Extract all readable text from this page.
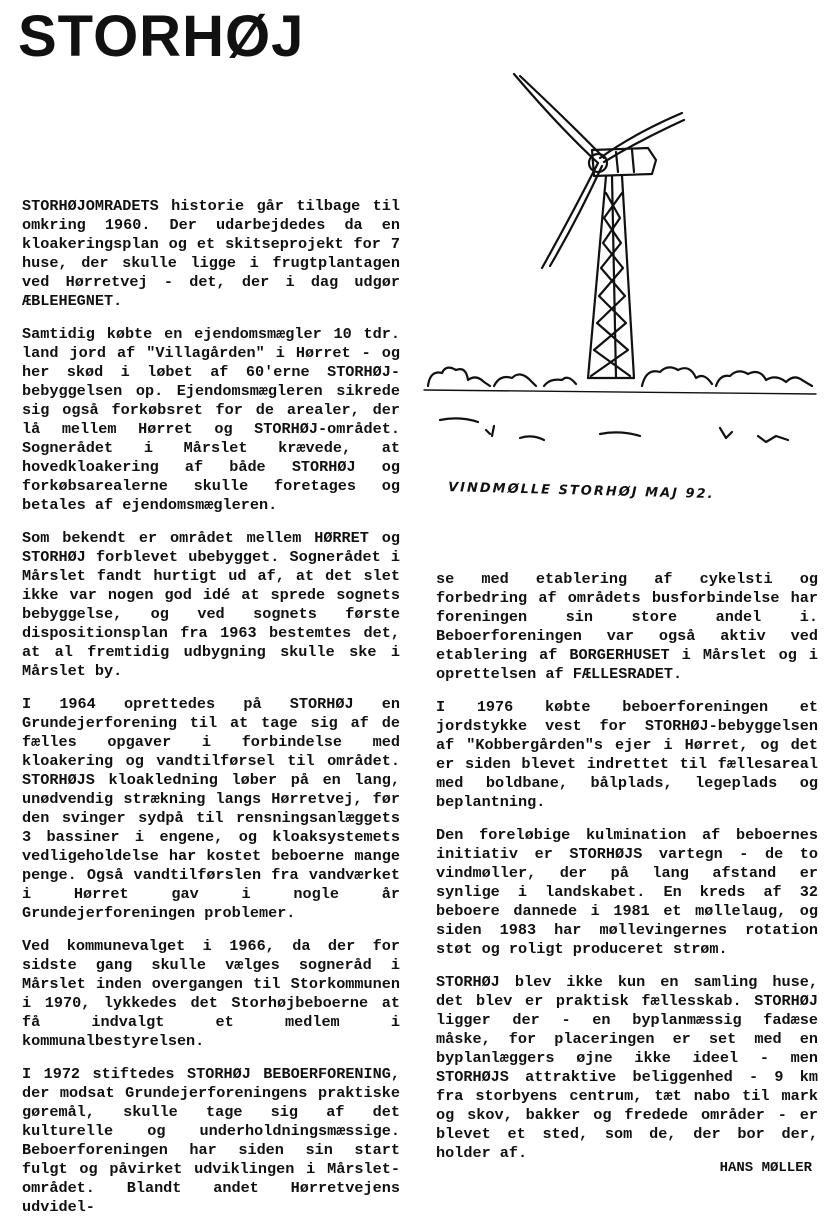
STORHØJ
VINDMØLLE STORHØJ MAJ 92.

STORHØJOMRADETS historie går tilbage til omkring 1960. Der udarbejdedes da en kloakeringsplan og et skitseprojekt for 7 huse, der skulle ligge i frugtplantagen ved Hørretvej - det, der i dag udgør ÆBLEHEGNET.

Samtidig købte en ejendomsmægler 10 tdr. land jord af "Villagården" i Hørret - og her skød i løbet af 60'erne STORHØJ-bebyggelsen op. Ejendomsmægleren sikrede sig også forkøbsret for de arealer, der lå mellem Hørret og STORHØJ-området. Sognerådet i Mårslet krævede, at hovedkloakering af både STORHØJ og forkøbsarealerne skulle foretages og betales af ejendomsmægleren.

Som bekendt er området mellem HØRRET og STORHØJ forblevet ubebygget. Sognerådet i Mårslet fandt hurtigt ud af, at det slet ikke var nogen god idé at sprede sognets bebyggelse, og ved sognets første dispositionsplan fra 1963 bestemtes det, at al fremtidig udbygning skulle ske i Mårslet by.

I 1964 oprettedes på STORHØJ en Grundejerforening til at tage sig af de fælles opgaver i forbindelse med kloakering og vandtilførsel til området. STORHØJS kloakledning løber på en lang, unødvendig strækning langs Hørretvej, før den svinger sydpå til rensningsanlæggets 3 bassiner i engene, og kloaksystemets vedligeholdelse har kostet beboerne mange penge. Også vandtilførslen fra vandværket i Hørret gav i nogle år Grundejerforeningen problemer.

Ved kommunevalget i 1966, da der for sidste gang skulle vælges sogneråd i Mårslet inden overgangen til Storkommunen i 1970, lykkedes det Storhøjbeboerne at få indvalgt et medlem i kommunalbestyrelsen.

I 1972 stiftedes STORHØJ BEBOERFORENING, der modsat Grundejerforeningens praktiske gøremål, skulle tage sig af det kulturelle og underholdningsmæssige. Beboerforeningen har siden sin start fulgt og påvirket udviklingen i Mårslet-området. Blandt andet Hørretvejens udvidel-

se med etablering af cykelsti og forbedring af områdets busforbindelse har foreningen sin store andel i. Beboerforeningen var også aktiv ved etablering af BORGERHUSET i Mårslet og i oprettelsen af FÆLLESRADET.

I 1976 købte beboerforeningen et jordstykke vest for STORHØJ-bebyggelsen af "Kobbergården"s ejer i Hørret, og det er siden blevet indrettet til fællesareal med boldbane, bålplads, legeplads og beplantning.

Den foreløbige kulmination af beboernes initiativ er STORHØJS vartegn - de to vindmøller, der på lang afstand er synlige i landskabet. En kreds af 32 beboere dannede i 1981 et møllelaug, og siden 1983 har møllevingernes rotation støt og roligt produceret strøm.

STORHØJ blev ikke kun en samling huse, det blev er praktisk fællesskab. STORHØJ ligger der - en byplanmæssig fadæse måske, for placeringen er set med en byplanlæggers øjne ikke ideel - men STORHØJS attraktive beliggenhed - 9 km fra storbyens centrum, tæt nabo til mark og skov, bakker og fredede områder - er blevet et sted, som de, der bor der, holder af.

HANS MØLLER
